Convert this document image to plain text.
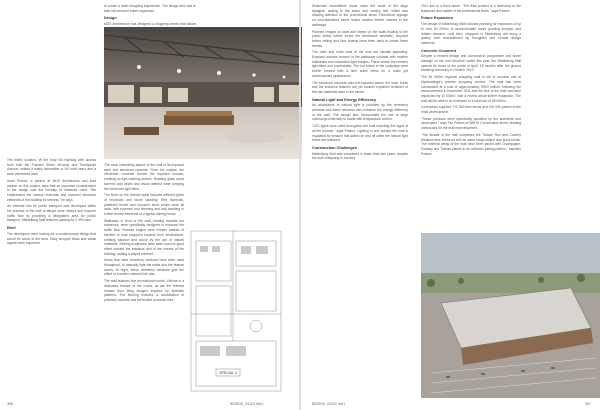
The mall's location, off the busy N4 highway with access from both the Fransen Street off-ramp and Trendpaula Avenue, makes it easily accessible to N4 road users and a wide catchment area.

Sean Pearce, a partner at MDS Architecture and lead partner on this project, says that an important consideration in the design was the honesty of materials used. "We emphasised the various materials and exposed structural elements of the building for interest," he says.

An external hub for public transport was developed within the precinct of the mall to attract more visitors and improve traffic flow by providing a designated area for public transport. Middelburg Mall features parking for 2 400 cars.

Brief

The developers were looking for a contemporary design that would be iconic in the area. Easy shopper flows and visual appeal were important

to create a fresh shopping experience. The design also had to take into account future expansion.

Design

MDS Architecture has designed a shopping centre that allows shoppers with its contemporary design incorporating warm and earthy design elements.

SPECIAL 4

Distinctive chandeliers break down the scale of the large skylights, adding to the warm and homely feel, whilst also drawing attention to the promotional areas. Directional signage on cold-fashioned street lamps creates further interest in the walkways.

Planned images of cows and sheep on the walls leading to the public toilets further evoke the farmhouse aesthetic; recycled timber ceiling and floor boards have been used to create these frames.

The main and north halls of the mall are visually appealing. Exposed wooden trusses in the walkways contrast with modern bulkheads and concealed light troughs. These create the centre's light-filled and comfortable. The hot bricks in the walkways were further treated with a lime wash effect for a rustic yet contemporary appearance.

The structural concrete was left exposed above the shop fronts and the entrance features are yet another impactful reminder of the raw materials used in the centre.

Natural Light and Energy Efficiency

An abundance of natural light is provided by the clerestory windows and these windows also enhance the energy efficiency of the mall. The design also incorporates the use of large overhangs externally to assist with temperature control.

"LED lights were used throughout the mall including the signs of all the tenants," says Pearce. Lighting in and outside the mall is regulated by sensors that switch on and off when the natural light levels are sufficient.

Construction Challenges

Middelburg Mall was completed in fewer than two years, despite the mall collapsing in January

2011 due to a flood storm. "The final product is a testimony to the teamwork and calibre of the professional team," says Pearce.

Future Expansion

The design of Middelburg Mall includes planning for expansion of up to over 60 000m² to accommodate future growing shopper and retailer demand. Until then, shoppers in Middelburg will enjoy a quality mall characterised by thoughtful and honest design elements.

Concrete Comment

Despite a revised design and construction programme and storm damage on the roof structure earlier this year, the Middelburg Mall opened its doors to the public in April, 18 months after the ground breaking ceremony in October 2010.

The 45 000m² regional shopping mall is set to become one of Mpumalanga's premier shopping centres. The mall has been constructed at a cost of approximately R500 million, following the announcement in November 2011 that the size of the mall had been expanded by 10 000m², with a review about further expansion. The mall will be able to be extended to a total size of 55 000m².

Contractors supplied 710 000 face bricks and 100 000 pavers to the retail development.

"These products were specifically specified by the architects and developers," says Tim Pearce of WBHO Construction North, building contractors for the mall redevelopment.

"The facade of the mall comprises the Tuscan Red and Country Meadow face bricks as well as some rough-edged clay stock bricks. The external areas of the mall have been paved with Champagne, Fantasy and Tuscan pavers in an orthodox paving pattern," explains Pearce.

356	BRIDGE_BLOG MA1	BRIDGE_BLOG MA1	357

The most interesting aspect of the mall is its exposed steel and structural concrete. From the outside, the off-shutter concrete frames the exposed trusses, creating an eye-catching portico. Rotating glass wood screens add depth and visual interest while keeping the entrances light filled.

The finish on the exterior walls includes different types of brickwork and stone cladding. Red facebrick, plastered bricks and exposed stock bricks were all used, with exposed roof sheeting and wall cladding to further evolve elements of a typical mining house.

Walkways in front of the mall, leading towards the entrances, were specifically designed to enhance the traffic flow. Planned bulges were chosen instead of barriers to lead shoppers towards their destinations, creating balance and colour by the use of natural materials. Striking sculptures have been used to good effect outside the entrance and in the interior of the building, adding a playful element.

Areas that have clerestory windows have been used throughout, to naturally light the malls and the feature courts. At night, these clerestory windows give the effect of a lantern viewed from afar.

The mall features five promotional courts. Volume is a distinctive feature of the courts, as are the themed mosaic floor tiling designs inspired by Ndebele patterns. The flooring includes a combination of polished concrete and full bodied porcelain tiles.
